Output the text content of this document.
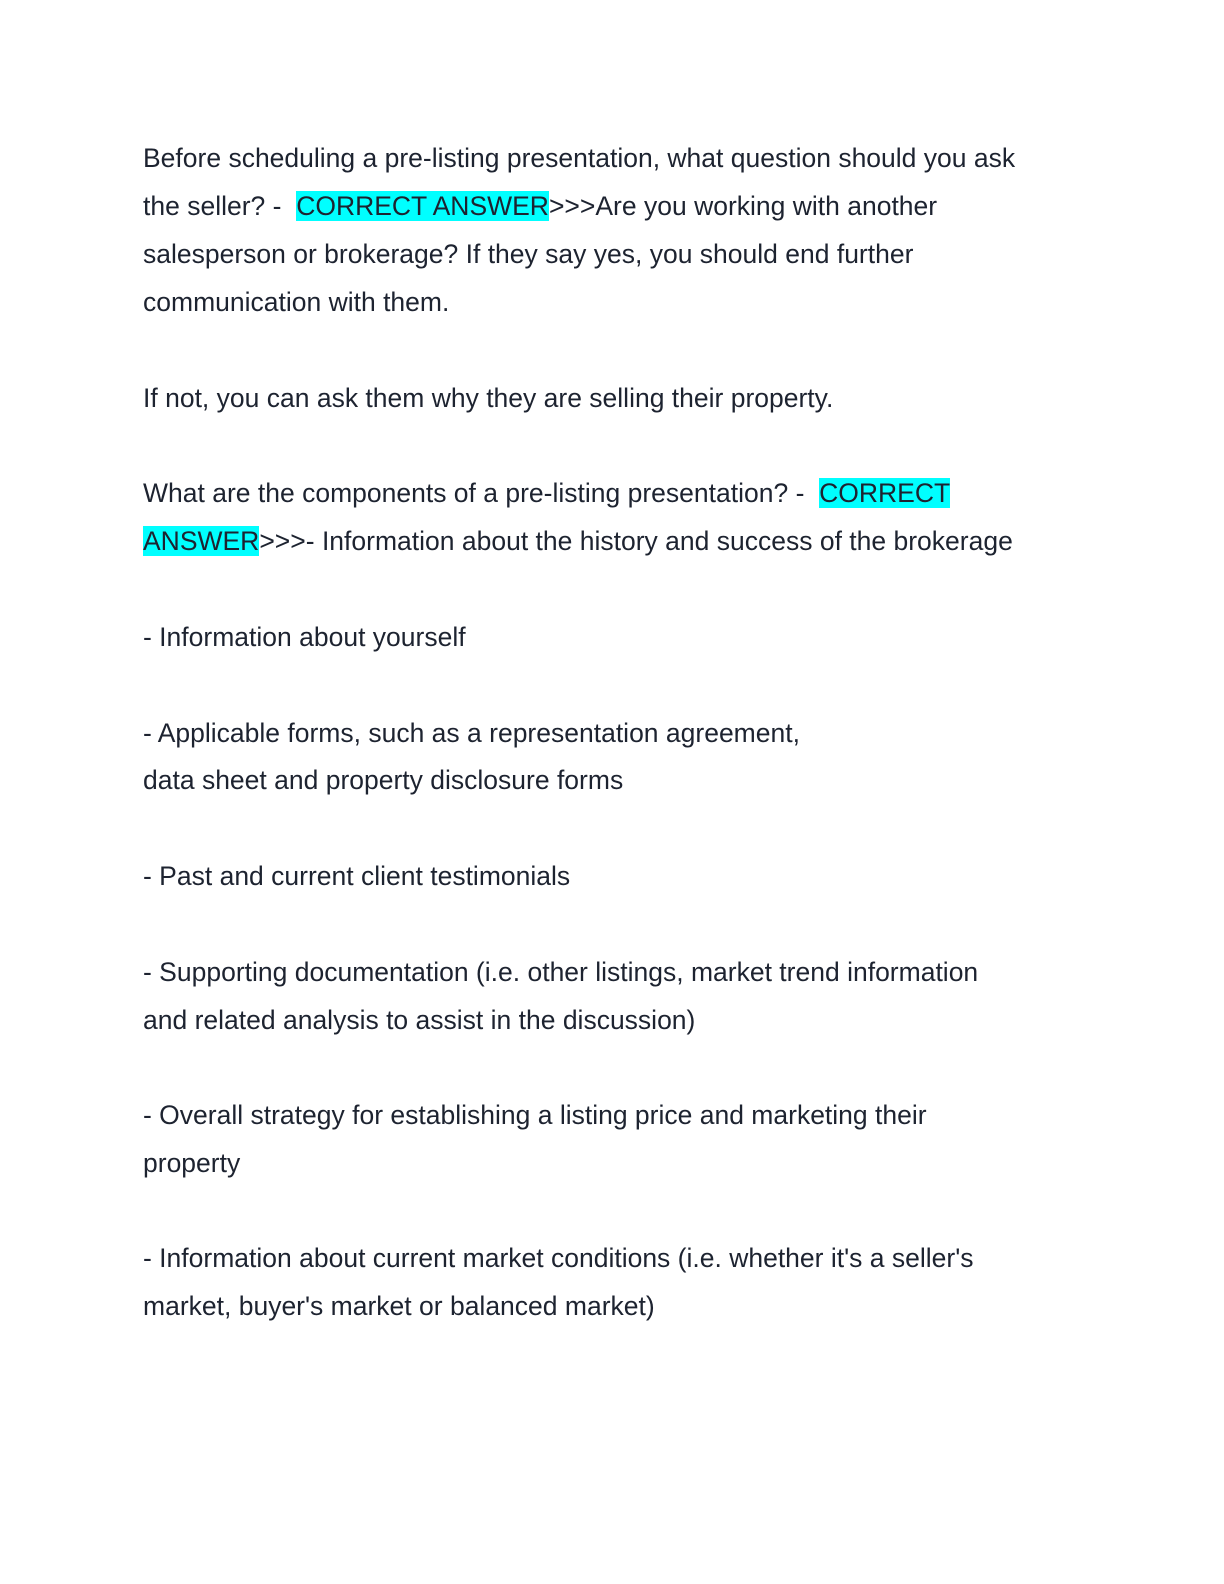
Before scheduling a pre-listing presentation, what question should you ask
the seller? -  CORRECT ANSWER>>>Are you working with another
salesperson or brokerage? If they say yes, you should end further
communication with them.
If not, you can ask them why they are selling their property.
What are the components of a pre-listing presentation? -  CORRECT
ANSWER>>>- Information about the history and success of the brokerage
- Information about yourself
- Applicable forms, such as a representation agreement,
data sheet and property disclosure forms
- Past and current client testimonials
- Supporting documentation (i.e. other listings, market trend information
and related analysis to assist in the discussion)
- Overall strategy for establishing a listing price and marketing their
property
- Information about current market conditions (i.e. whether it's a seller's
market, buyer's market or balanced market)
